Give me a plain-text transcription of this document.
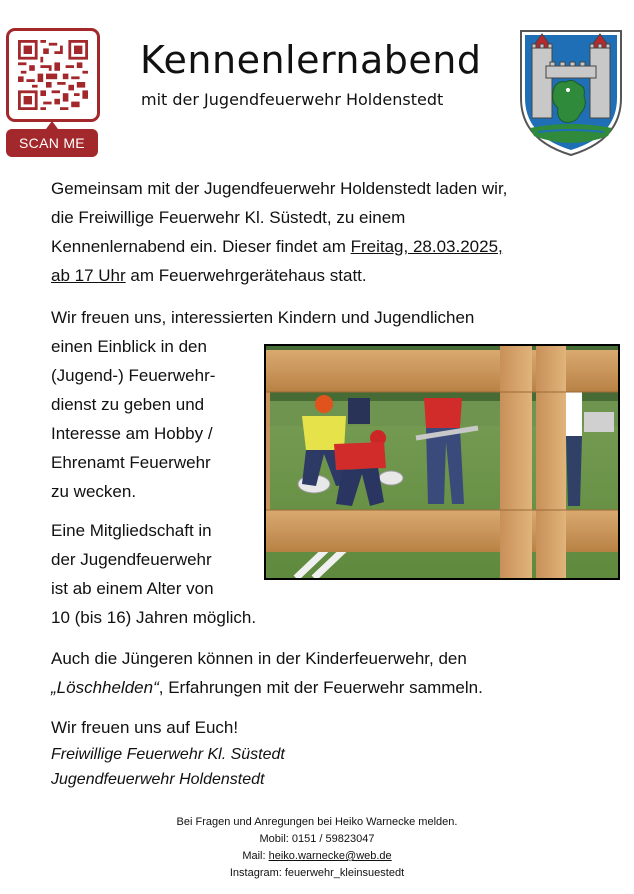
SCAN ME
Kennenlernabend
mit der Jugendfeuerwehr Holdenstedt
Gemeinsam mit der Jugendfeuerwehr Holdenstedt laden wir,
die Freiwillige Feuerwehr Kl. Süstedt, zu einem
Kennenlernabend ein. Dieser findet am Freitag, 28.03.2025,
ab 17 Uhr am Feuerwehrgerätehaus statt.
Wir freuen uns, interessierten Kindern und Jugendlichen
einen Einblick in den
(Jugend-) Feuerwehr-
dienst zu geben und
Interesse am Hobby /
Ehrenamt Feuerwehr
zu wecken.
Eine Mitgliedschaft in
der Jugendfeuerwehr
ist ab einem Alter von
10 (bis 16) Jahren möglich.
Auch die Jüngeren können in der Kinderfeuerwehr, den
„Löschhelden“, Erfahrungen mit der Feuerwehr sammeln.
Wir freuen uns auf Euch!
Freiwillige Feuerwehr Kl. Süstedt
Jugendfeuerwehr Holdenstedt
Bei Fragen und Anregungen bei Heiko Warnecke melden.
Mobil: 0151 / 59823047
Mail: heiko.warnecke@web.de
Instagram: feuerwehr_kleinsuestedt
